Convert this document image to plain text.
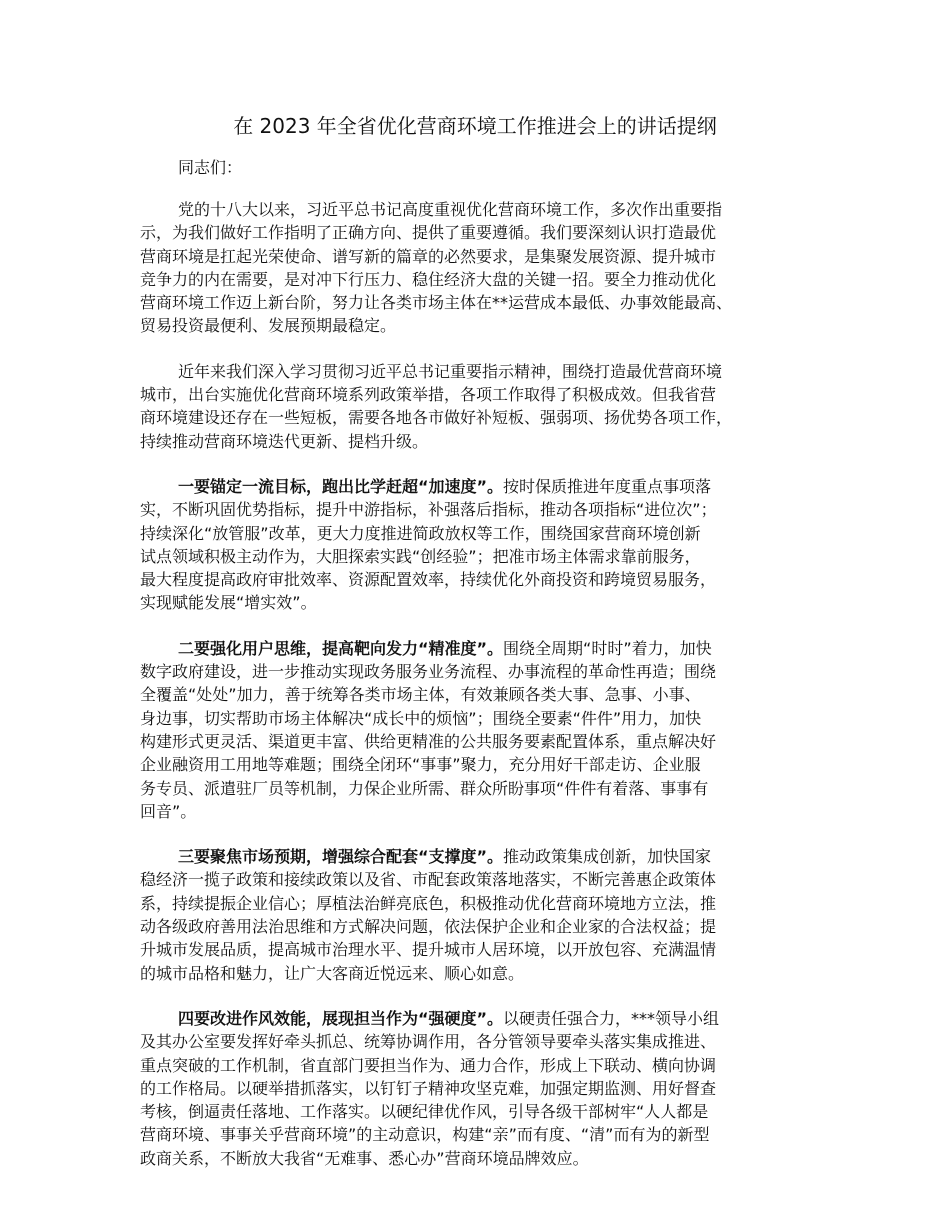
在 2023 年全省优化营商环境工作推进会上的讲话提纲

同志们：

党的十八大以来，习近平总书记高度重视优化营商环境工作，多次作出重要指
示，为我们做好工作指明了正确方向、提供了重要遵循。我们要深刻认识打造最优
营商环境是扛起光荣使命、谱写新的篇章的必然要求，是集聚发展资源、提升城市
竞争力的内在需要，是对冲下行压力、稳住经济大盘的关键一招。要全力推动优化
营商环境工作迈上新台阶，努力让各类市场主体在**运营成本最低、办事效能最高、
贸易投资最便利、发展预期最稳定。
近年来我们深入学习贯彻习近平总书记重要指示精神，围绕打造最优营商环境
城市，出台实施优化营商环境系列政策举措，各项工作取得了积极成效。但我省营
商环境建设还存在一些短板，需要各地各市做好补短板、强弱项、扬优势各项工作，
持续推动营商环境迭代更新、提档升级。
一要锚定一流目标，跑出比学赶超“加速度”。按时保质推进年度重点事项落
实，不断巩固优势指标，提升中游指标，补强落后指标，推动各项指标“进位次”；
持续深化“放管服”改革，更大力度推进简政放权等工作，围绕国家营商环境创新
试点领域积极主动作为，大胆探索实践“创经验”；把准市场主体需求靠前服务，
最大程度提高政府审批效率、资源配置效率，持续优化外商投资和跨境贸易服务，
实现赋能发展“增实效”。
二要强化用户思维，提高靶向发力“精准度”。围绕全周期“时时”着力，加快
数字政府建设，进一步推动实现政务服务业务流程、办事流程的革命性再造；围绕
全覆盖“处处”加力，善于统筹各类市场主体，有效兼顾各类大事、急事、小事、
身边事，切实帮助市场主体解决“成长中的烦恼”；围绕全要素“件件”用力，加快
构建形式更灵活、渠道更丰富、供给更精准的公共服务要素配置体系，重点解决好
企业融资用工用地等难题；围绕全闭环“事事”聚力，充分用好干部走访、企业服
务专员、派遣驻厂员等机制，力保企业所需、群众所盼事项“件件有着落、事事有
回音”。
三要聚焦市场预期，增强综合配套“支撑度”。推动政策集成创新，加快国家
稳经济一揽子政策和接续政策以及省、市配套政策落地落实，不断完善惠企政策体
系，持续提振企业信心；厚植法治鲜亮底色，积极推动优化营商环境地方立法，推
动各级政府善用法治思维和方式解决问题，依法保护企业和企业家的合法权益；提
升城市发展品质，提高城市治理水平、提升城市人居环境，以开放包容、充满温情
的城市品格和魅力，让广大客商近悦远来、顺心如意。
四要改进作风效能，展现担当作为“强硬度”。以硬责任强合力，***领导小组
及其办公室要发挥好牵头抓总、统筹协调作用，各分管领导要牵头落实集成推进、
重点突破的工作机制，省直部门要担当作为、通力合作，形成上下联动、横向协调
的工作格局。以硬举措抓落实，以钉钉子精神攻坚克难，加强定期监测、用好督查
考核，倒逼责任落地、工作落实。以硬纪律优作风，引导各级干部树牢“人人都是
营商环境、事事关乎营商环境”的主动意识，构建“亲”而有度、“清”而有为的新型
政商关系，不断放大我省“无难事、悉心办”营商环境品牌效应。
